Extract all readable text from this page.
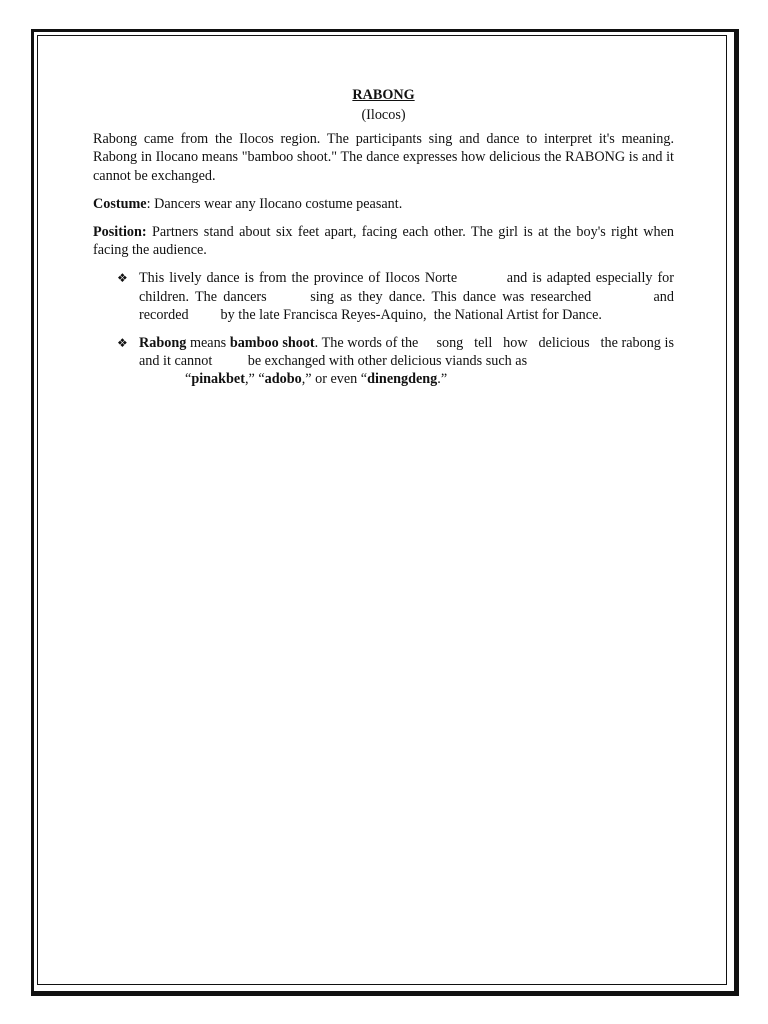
RABONG
(Ilocos)

Rabong came from the Ilocos region. The participants sing and dance to interpret it's meaning. Rabong in Ilocano means "bamboo shoot." The dance expresses how delicious the RABONG is and it cannot be exchanged.

Costume: Dancers wear any Ilocano costume peasant.

Position: Partners stand about six feet apart, facing each other. The girl is at the boy's right when facing the audience.

❖ This lively dance is from the province of Ilocos Norte          and is adapted especially for children. The dancers       sing as they dance. This dance was researched          and recorded         by the late Francisca Reyes-Aquino,  the National Artist for Dance.
❖ Rabong means bamboo shoot. The words of the     song   tell   how   delicious   the rabong is and it cannot          be exchanged with other delicious viands such as
“pinakbet,” “adobo,” or even “dinengdeng.”
